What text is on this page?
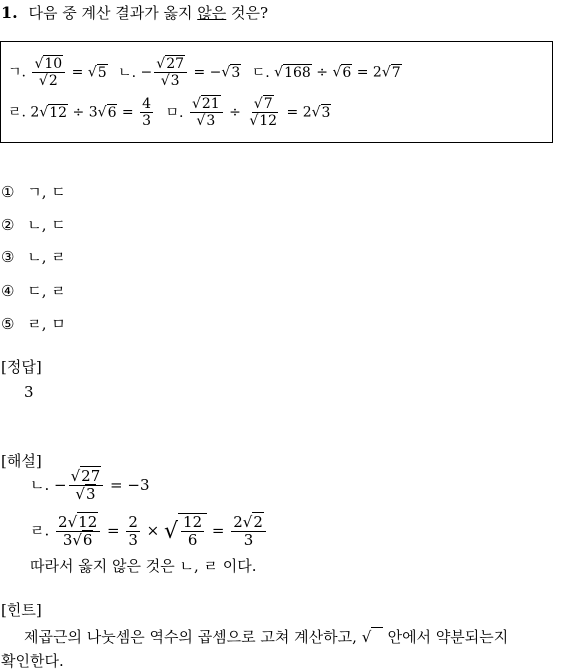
1. 다음 중 계산 결과가 옳지 않은 것은?
ㄱ. $\frac{√10}{√2} = √5$ ㄴ. − $\frac{√27}{√3} = -√3$ ㄷ. √168 ÷ √6 = 2√7
ㄹ. $2√12 \div 3√6 = \frac{4}{3}$ ㅁ. $\frac{√21}{√3} \div \frac{√7}{√12} = 2√3$
① ㄱ, ㄷ
② ㄴ, ㄷ
③ ㄴ, ㄹ
④ ㄷ, ㄹ
⑤ ㄹ, ㅁ
[정답]
3
[해설]
ㄴ. − $\frac{√27}{√3} = -3$
ㄹ. $\frac{2√12}{3√6} = \frac{2}{3}$ × √ $\frac{12}{6} = \frac{2√2}{3}$
따라서 옳지 않은 것은 ㄴ, ㄹ 이다.
[힌트]
제곱근의 나눗셈은 역수의 곱셈으로 고쳐 계산하고, √ 안에서 약분되는지
확인한다.
